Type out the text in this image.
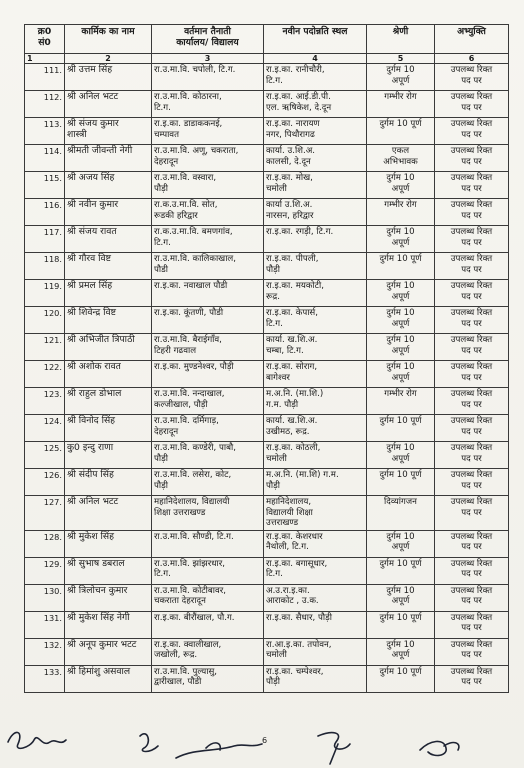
क्र0
सं0	कार्मिक का नाम	वर्तमान तैनाती
कार्यालय/ विद्यालय	नवीन पदोन्नति स्थल	श्रेणी	अभ्युक्ति
1	2	3	4	5	6
111.	श्री उत्तम सिंह	रा.उ.मा.वि. चपोली, टि.ग.	रा.इ.का. रानीचौरी,
टि.ग.	दुर्गम 10
अपूर्ण	उपलब्ध रिक्त
पद पर
112.	श्री अनिल भटट	रा.उ.मा.वि. कोठारना,
टि.ग.	रा.इ.का. आई.डी.पी.
एल. ऋषिकेश, दे.दून	गम्भीर रोग	उपलब्ध रिक्त
पद पर
113.	श्री संजय कुमार
शास्त्री	रा.इ.का. डाडाककनई,
चम्पावत	रा.इ.का. नारायण
नगर, पिथौरागढ	दुर्गम 10 पूर्ण	उपलब्ध रिक्त
पद पर
114.	श्रीमती जीवन्ती नेगी	रा.उ.मा.वि. अणू, चकराता,
देहरादून	कार्या. उ.शि.अ.
कालसी, दे.दून	एकल
अभिभावक	उपलब्ध रिक्त
पद पर
115.	श्री अजय सिंह	रा.उ.मा.वि. वस्वारा,
पौड़ी	रा.इ.का. मोख,
चमोली	दुर्गम 10
अपूर्ण	उपलब्ध रिक्त
पद पर
116.	श्री नवीन कुमार	रा.क.उ.मा.वि. सोत,
रूडकी हरिद्वार	कार्या उ.शि.अ.
नारसन, हरिद्वार	गम्भीर रोग	उपलब्ध रिक्त
पद पर
117.	श्री संजय रावत	रा.क.उ.मा.वि. बमणगांव,
टि.ग.	रा.इ.का. रगड़ी, टि.ग.	दुर्गम 10
अपूर्ण	उपलब्ध रिक्त
पद पर
118.	श्री गौरव विष्ट	रा.उ.मा.वि. कालिकाखाल,
पौडी	रा.इ.का. पीपली,
पौड़ी	दुर्गम 10 पूर्ण	उपलब्ध रिक्त
पद पर
119.	श्री प्रमल सिंह	रा.इ.का. नवाखाल पौडी	रा.इ.का. मयकोटी,
रूद्र.	दुर्गम 10
अपूर्ण	उपलब्ध रिक्त
पद पर
120.	श्री शिवेन्द्र विष्ट	रा.इ.का. कूंतणी, पौडी	रा.इ.का. केपार्स,
टि.ग.	दुर्गम 10
अपूर्ण	उपलब्ध रिक्त
पद पर
121.	श्री अभिजीत त्रिपाठी	रा.उ.मा.वि. बैराईगाँव,
टिहरी गढवाल	कार्या. ख.शि.अ.
चम्बा, टि.ग.	दुर्गम 10
अपूर्ण	उपलब्ध रिक्त
पद पर
122.	श्री अशोक रावत	रा.इ.का. मुण्डनेश्वर, पौड़ी	रा.इ.का. सोराग,
बागेश्वर	दुर्गम 10
अपूर्ण	उपलब्ध रिक्त
पद पर
123.	श्री राहुल डोभाल	रा.उ.मा.वि. नन्दाखाल,
कल्जीखाल, पौड़ी	म.अ.नि. (मा.शि.)
ग.म. पौड़ी	गम्भीर रोग	उपलब्ध रिक्त
पद पर
124.	श्री विनोद सिंह	रा.उ.मा.वि. दर्मिगाड़,
देहरादून	कार्या. ख.शि.अ.
उखीमठ, रूद्र.	दुर्गम 10 पूर्ण	उपलब्ध रिक्त
पद पर
125.	कु0 इन्दु राणा	रा.उ.मा.वि. कण्डेरी, पाबौ,
पौड़ी	रा.इ.का. कोठली,
चमोली	दुर्गम 10
अपूर्ण	उपलब्ध रिक्त
पद पर
126.	श्री संदीप सिंह	रा.उ.मा.वि. लसेरा, कोट,
पौड़ी	म.अ.नि. (मा.शि) ग.म.
पौड़ी	दुर्गम 10 पूर्ण	उपलब्ध रिक्त
पद पर
127.	श्री अनिल भटट	महानिदेशालय, विद्यालयी
शिक्षा उत्तराखण्ड	महानिदेशालय,
विद्यालयी शिक्षा
उत्तराखण्ड	दिव्यांगजन	उपलब्ध रिक्त
पद पर
128.	श्री मुकेश सिंह	रा.उ.मा.वि. सौण्डी, टि.ग.	रा.इ.का. केशरधार
नैथोली, टि.ग.	दुर्गम 10
अपूर्ण	उपलब्ध रिक्त
पद पर
129.	श्री सुभाष डबराल	रा.उ.मा.वि. झांझरधार,
टि.ग.	रा.इ.का. बगासूधार,
टि.ग.	दुर्गम 10 पूर्ण	उपलब्ध रिक्त
पद पर
130.	श्री त्रिलोचन कुमार	रा.उ.मा.वि. कोटीबावर,
चकराता देहरादून	अ.उ.रा.इ.का.
आराकोट , उ.क.	दुर्गम 10
अपूर्ण	उपलब्ध रिक्त
पद पर
131.	श्री मुकेश सिंह नेगी	रा.इ.का. बीरौंखाल, पौ.ग.	रा.इ.का. सैधार, पौड़ी	दुर्गम 10 पूर्ण	उपलब्ध रिक्त
पद पर
132.	श्री अनूप कुमार भटट	रा.इ.का. क्वालीखाल,
जखोली, रूद्र.	रा.आ.इ.का. तपोवन,
चमोली	दुर्गम 10
अपूर्ण	उपलब्ध रिक्त
पद पर
133.	श्री हिमांशु असवाल	रा.उ.मा.वि. पुल्यासु,
द्वारीखाल, पौडी	रा.इ.का. चम्पेश्वर,
पौड़ी	दुर्गम 10 पूर्ण	उपलब्ध रिक्त
पद पर
6
